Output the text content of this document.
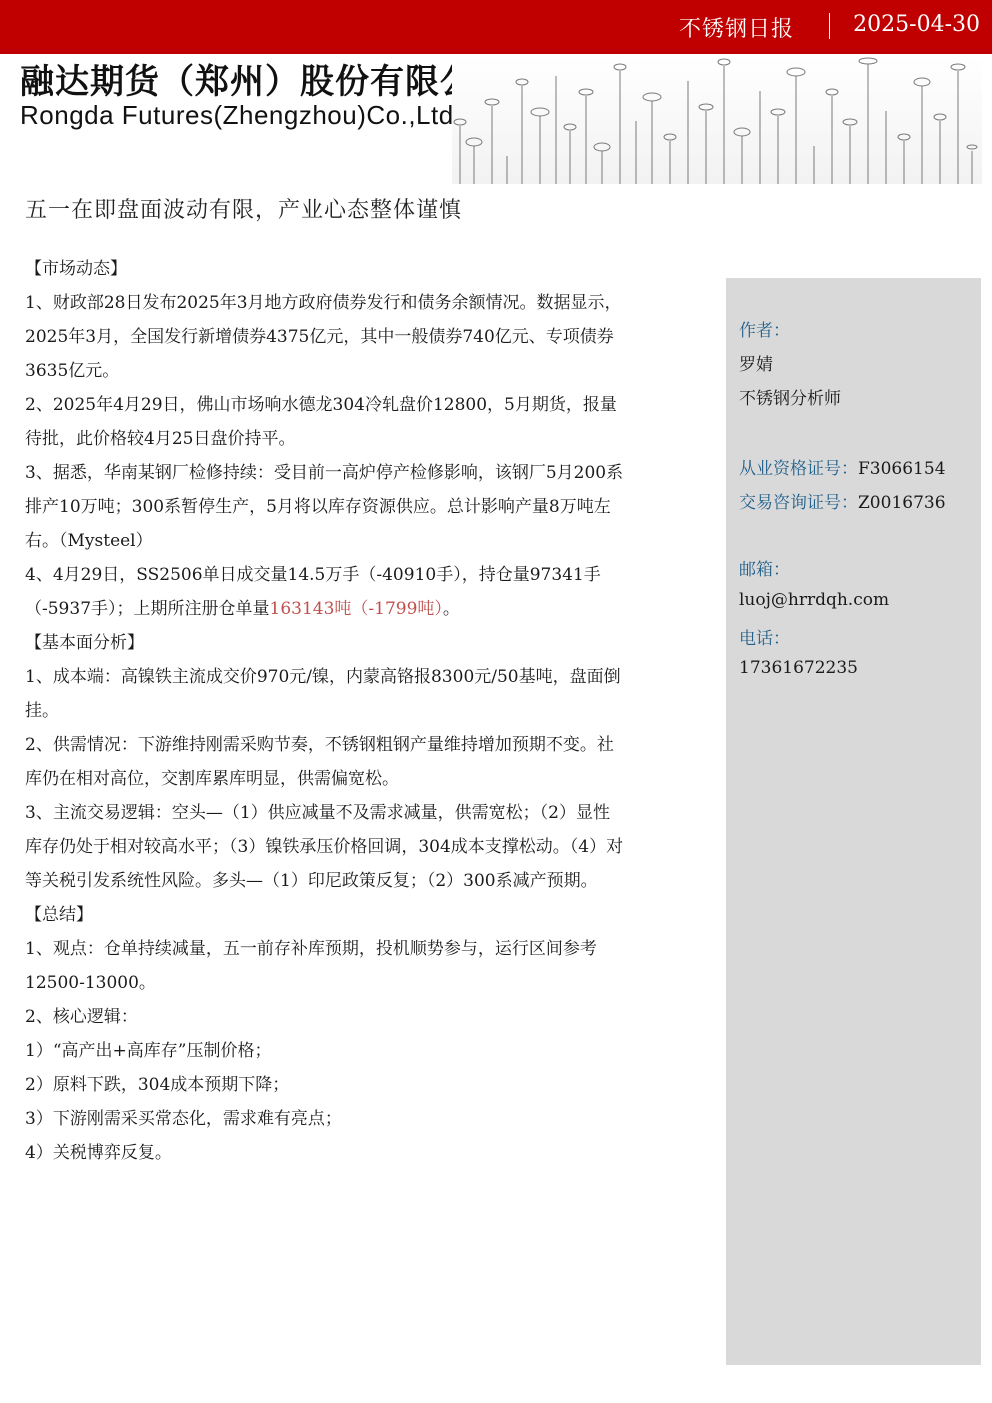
不锈钢日报	2025-04-30
融达期货（郑州）股份有限公司
Rongda Futures(Zhengzhou)Co.,Ltd.
五一在即盘面波动有限，产业心态整体谨慎

【市场动态】

1、财政部28日发布2025年3月地方政府债券发行和债务余额情况。数据显示，2025年3月，全国发行新增债券4375亿元，其中一般债券740亿元、专项债券3635亿元。

2、2025年4月29日，佛山市场响水德龙304冷轧盘价12800，5月期货，报量待批，此价格较4月25日盘价持平。

3、据悉，华南某钢厂检修持续：受目前一高炉停产检修影响，该钢厂5月200系排产10万吨；300系暂停生产，5月将以库存资源供应。总计影响产量8万吨左右。（Mysteel）

4、4月29日，SS2506单日成交量14.5万手（-40910手），持仓量97341手（-5937手）；上期所注册仓单量163143吨（-1799吨）。

【基本面分析】

1、成本端：高镍铁主流成交价970元/镍，内蒙高铬报8300元/50基吨，盘面倒挂。

2、供需情况：下游维持刚需采购节奏，不锈钢粗钢产量维持增加预期不变。社库仍在相对高位，交割库累库明显，供需偏宽松。

3、主流交易逻辑：空头—（1）供应减量不及需求减量，供需宽松；（2）显性库存仍处于相对较高水平；（3）镍铁承压价格回调，304成本支撑松动。（4）对等关税引发系统性风险。多头—（1）印尼政策反复；（2）300系减产预期。

【总结】

1、观点：仓单持续减量，五一前存补库预期，投机顺势参与，运行区间参考12500-13000。

2、核心逻辑：

1）“高产出+高库存”压制价格；

2）原料下跌，304成本预期下降；

3）下游刚需采买常态化，需求难有亮点；

4）关税博弈反复。

作者：
罗婧
不锈钢分析师
从业资格证号：F3066154
交易咨询证号：Z0016736
邮箱：
luoj@hrrdqh.com
电话：
17361672235
